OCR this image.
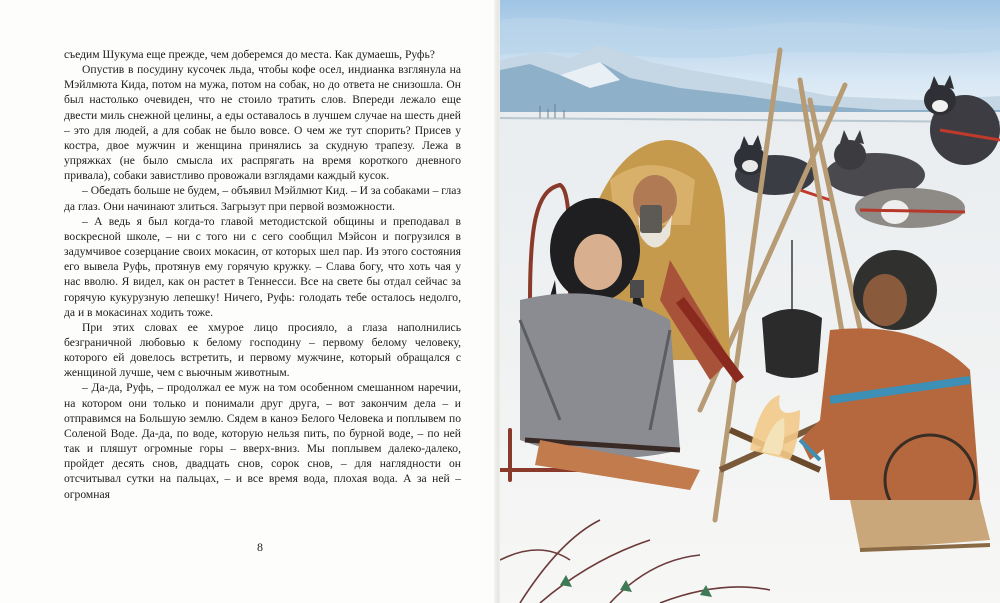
съедим Шукума еще прежде, чем доберемся до места. Как думаешь, Руфь?

Опустив в посудину кусочек льда, чтобы кофе осел, индианка взглянула на Мэйлмюта Кида, потом на мужа, потом на собак, но до ответа не снизошла. Он был настолько очевиден, что не стоило тратить слов. Впереди лежало еще двести миль снежной целины, а еды оставалось в лучшем случае на шесть дней – это для людей, а для собак не было вовсе. О чем же тут спорить? Присев у костра, двое мужчин и женщина принялись за скудную трапезу. Лежа в упряжках (не было смысла их распрягать на время короткого дневного привала), собаки завистливо провожали взглядами каждый кусок.

– Обедать больше не будем, – объявил Мэйлмют Кид. – И за собаками – глаз да глаз. Они начинают злиться. Загрызут при первой возможности.

– А ведь я был когда-то главой методистской общины и преподавал в воскресной школе, – ни с того ни с сего сообщил Мэйсон и погрузился в задумчивое созерцание своих мокасин, от которых шел пар. Из этого состояния его вывела Руфь, протянув ему горячую кружку. – Слава богу, что хоть чая у нас вволю. Я видел, как он растет в Теннесси. Все на свете бы отдал сейчас за горячую кукурузную лепешку! Ничего, Руфь: голодать тебе осталось недолго, да и в мокасинах ходить тоже.

При этих словах ее хмурое лицо просияло, а глаза наполнились безграничной любовью к белому господину – первому белому человеку, которого ей довелось встретить, и первому мужчине, который обращался с женщиной лучше, чем с вьючным животным.

– Да-да, Руфь, – продолжал ее муж на том особенном смешанном наречии, на котором они только и понимали друг друга, – вот закончим дела – и отправимся на Большую землю. Сядем в каноэ Белого Человека и поплывем по Соленой Воде. Да-да, по воде, которую нельзя пить, по бурной воде, – по ней так и пляшут огромные горы – вверх-вниз. Мы поплывем далеко-далеко, пройдет десять снов, двадцать снов, сорок снов, – для наглядности он отсчитывал сутки на пальцах, – и все время вода, плохая вода. А за ней – огромная

8
